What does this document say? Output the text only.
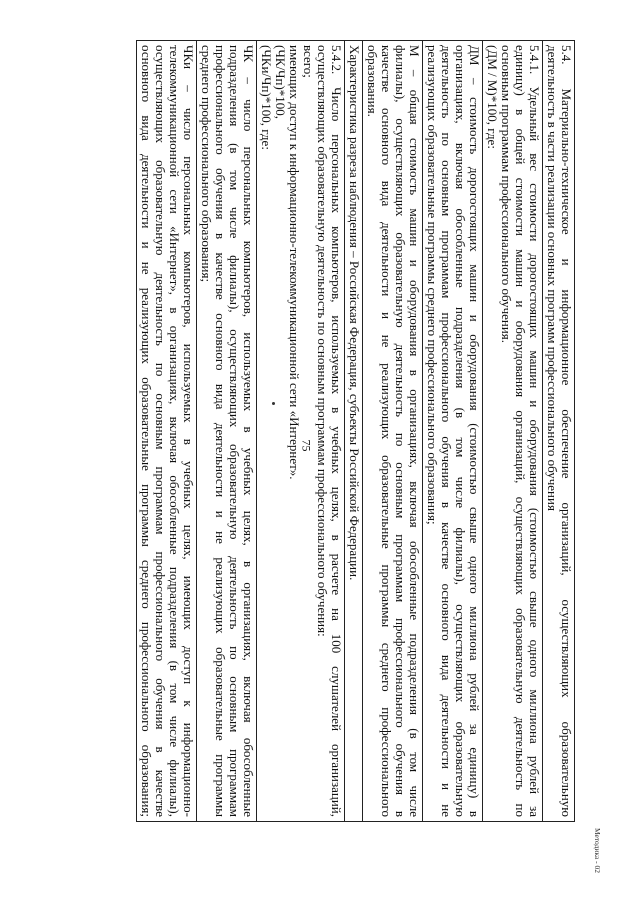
75	5.4. Материально-техническое и информационное обеспечение организаций, осуществляющих образовательную
деятельность в части реализации основных программ профессионального обучения

5.4.1. Удельный вес стоимости дорогостоящих машин и оборудования (стоимостью свыше одного миллиона рублей за
единицу) в общей стоимости машин и оборудования организаций, осуществляющих образовательную деятельность по
основным программам профессионального обучения.
(ДМ / М)*100, где:

ДМ – стоимость дорогостоящих машин и оборудования (стоимостью свыше одного миллиона рублей за единицу) в
организациях, включая обособленные подразделения (в том числе филиалы), осуществляющих образовательную
деятельность по основным программам профессионального обучения в качестве основного вида деятельности и не
реализующих образовательные программы среднего профессионального образования;

М – общая стоимость машин и оборудования в организациях, включая обособленные подразделения (в том числе
филиалы), осуществляющих образовательную деятельность по основным программам профессионального обучения в
качестве основного вида деятельности и не реализующих образовательные программы среднего профессионального
образования.

Характеристика разреза наблюдения – Российская Федерация, субъекты Российской Федерации.

5.4.2. Число персональных компьютеров, используемых в учебных целях, в расчете на 100 слушателей организаций,
осуществляющих образовательную деятельность по основным программам профессионального обучения:
всего;
имеющих доступ к информационно-телекоммуникационной сети «Интернет».
(ЧК/Чп)*100,
(ЧКи/Чп)*100, где:

ЧК – число персональных компьютеров, используемых в учебных целях, в организациях, включая обособленные
подразделения (в том числе филиалы), осуществляющих образовательную деятельность по основным программам
профессионального обучения в качестве основного вида деятельности и не реализующих образовательные программы
среднего профессионального образования;

ЧКи – число персональных компьютеров, используемых в учебных целях, имеющих доступ к информационно-
телекоммуникационной сети «Интернет», в организациях, включая обособленные подразделения (в том числе филиалы),
осуществляющих образовательную деятельность по основным программам профессионального обучения в качестве
основного вида деятельности и не реализующих образовательные программы среднего профессионального образования;
Методика - 02
